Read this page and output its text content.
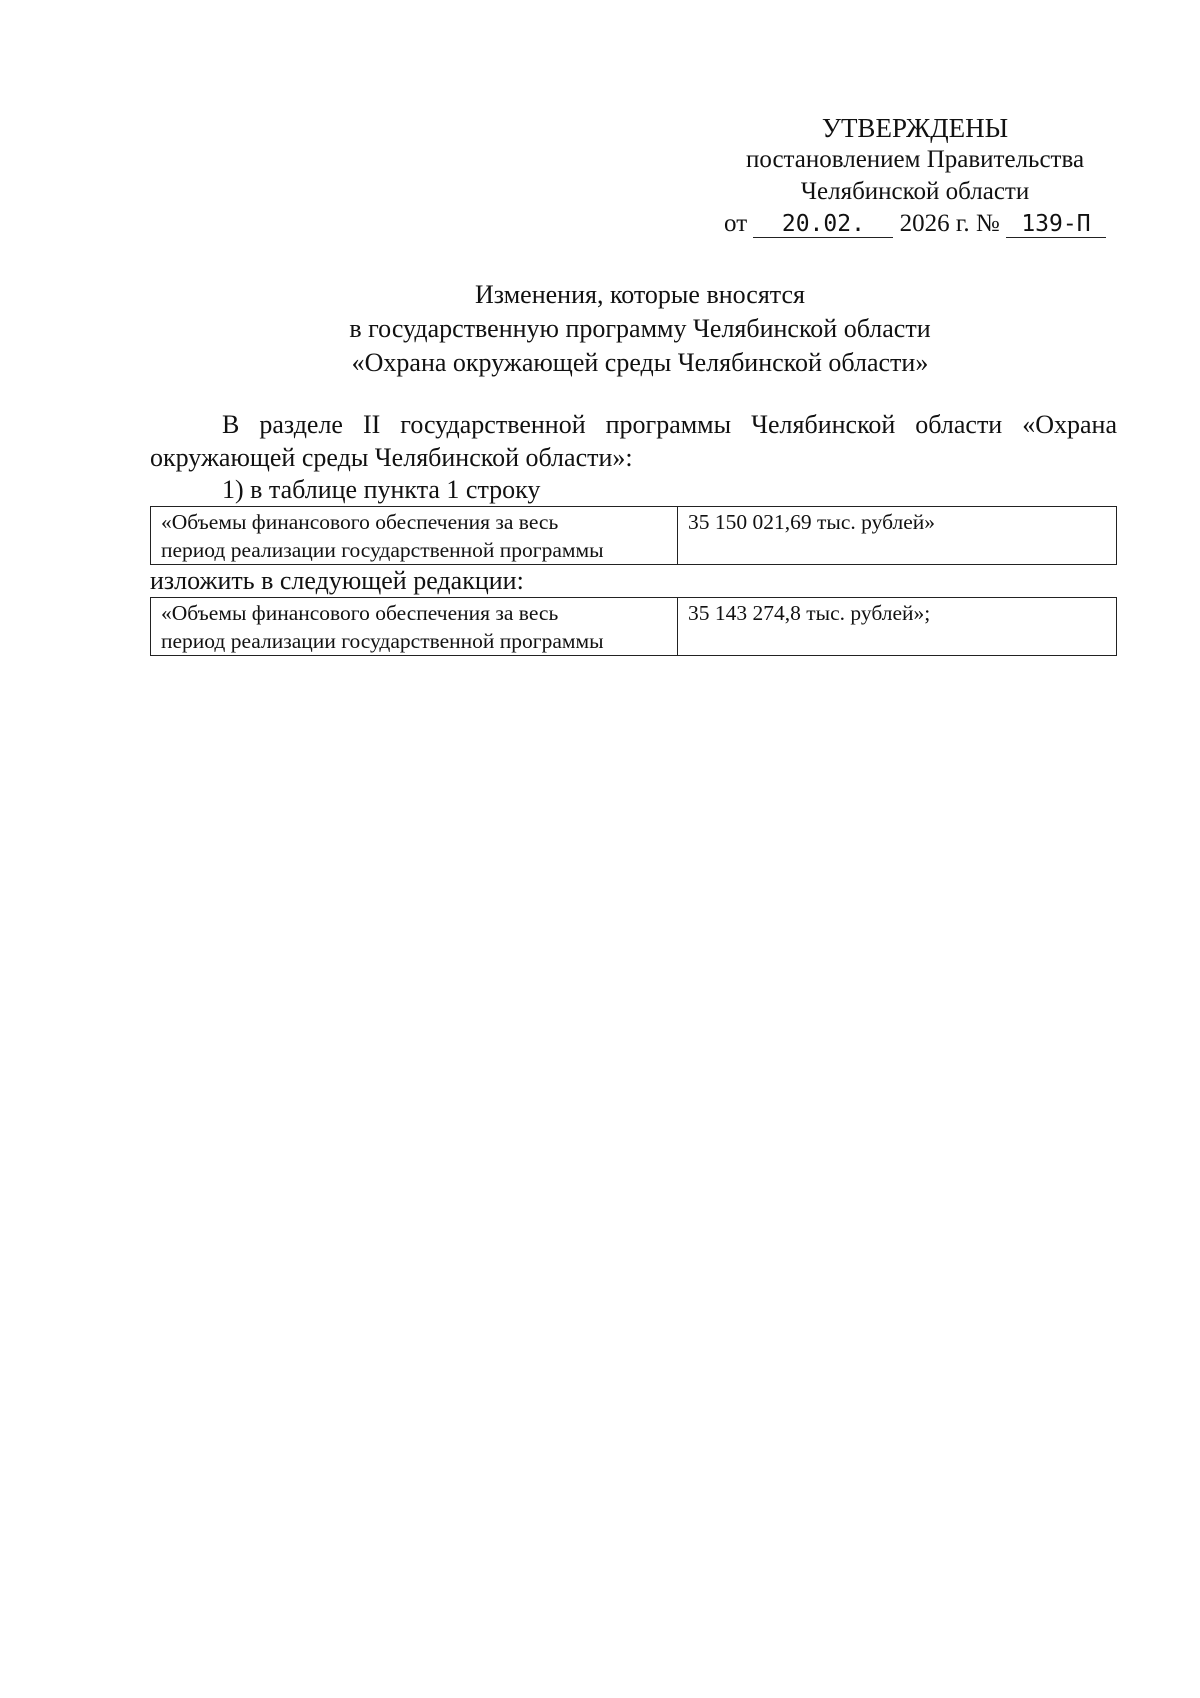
УТВЕРЖДЕНЫ
постановлением Правительства
Челябинской области
от 20.02. 2026 г. № 139-П
Изменения, которые вносятся
в государственную программу Челябинской области
«Охрана окружающей среды Челябинской области»

В разделе II государственной программы Челябинской области «Охрана окружающей среды Челябинской области»:

1) в таблице пункта 1 строку

«Объемы финансового обеспечения за весь
период реализации государственной программы
	35 150 021,69 тыс. рублей»

изложить в следующей редакции:

«Объемы финансового обеспечения за весь
период реализации государственной программы
	35 143 274,8 тыс. рублей»;
